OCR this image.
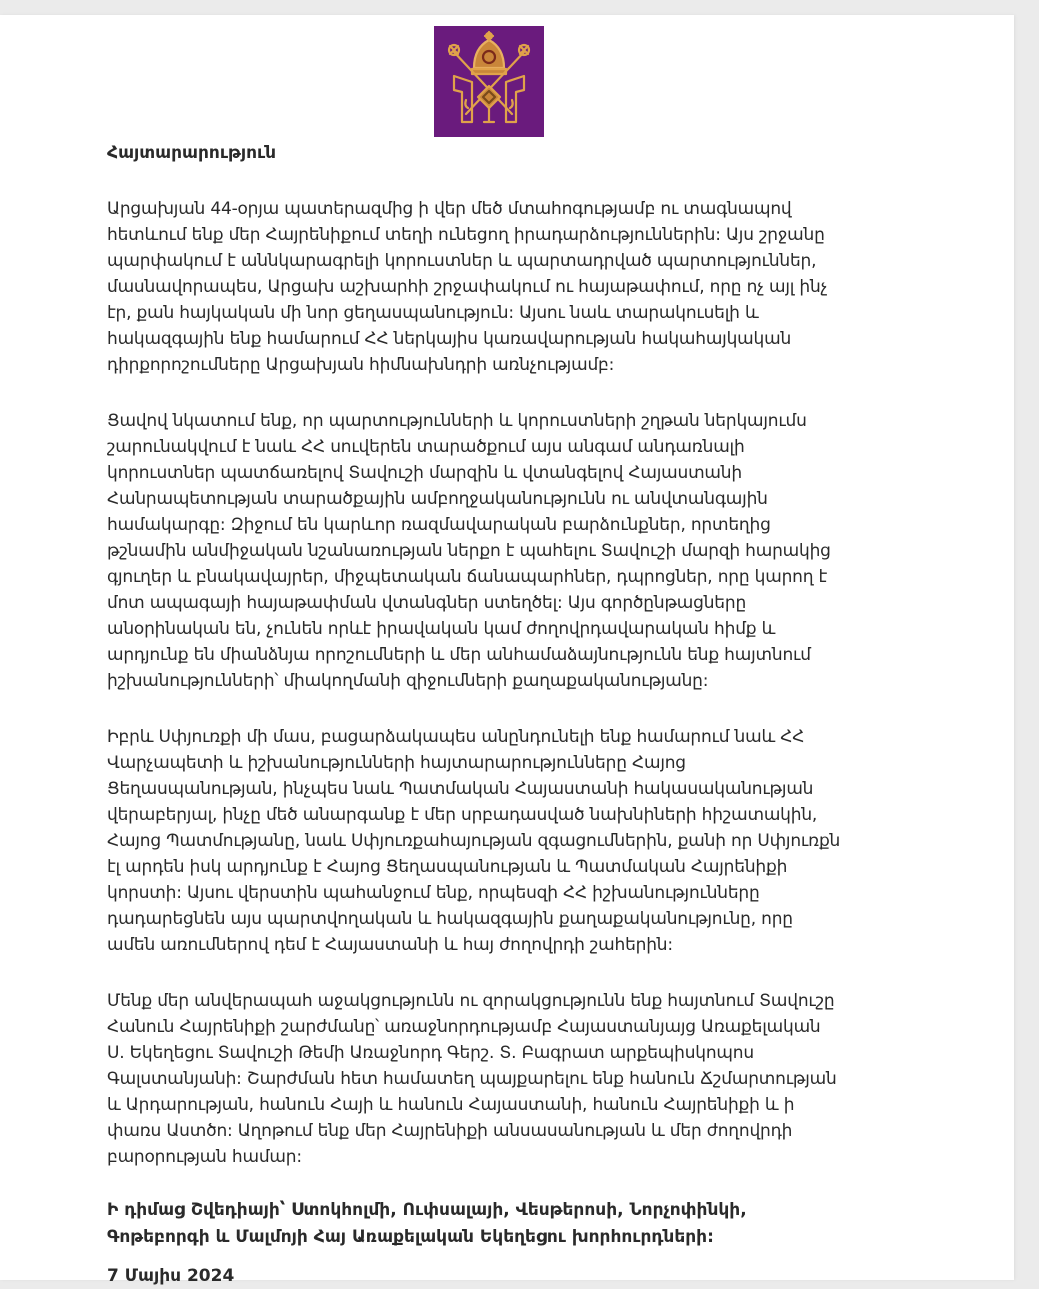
Հայտարարություն

Արցախյան 44-օրյա պատերազմից ի վեր մեծ մտահոգությամբ ու տագնապով
հետևում ենք մեր Հայրենիքում տեղի ունեցող իրադարձություններին: Այս շրջանը
պարփակում է աննկարագրելի կորուստներ և պարտադրված պարտություններ,
մասնավորապես, Արցախ աշխարհի շրջափակում ու հայաթափում, որը ոչ այլ ինչ
էր, քան հայկական մի նոր ցեղասպանություն: Այսու նաև տարակուսելի և
հակազգային ենք համարում ՀՀ ներկայիս կառավարության հակահայկական
դիրքորոշումները Արցախյան հիմնախնդրի առնչությամբ:

Ցավով նկատում ենք, որ պարտությունների և կորուստների շղթան ներկայումս
շարունակվում է նաև ՀՀ սուվերեն տարածքում այս անգամ անդառնալի
կորուստներ պատճառելով Տավուշի մարզին և վտանգելով Հայաստանի
Հանրապետության տարածքային ամբողջականությունն ու անվտանգային
համակարգը: Զիջում են կարևոր ռազմավարական բարձունքներ, որտեղից
թշնամին անմիջական նշանառության ներքո է պահելու Տավուշի մարզի հարակից
գյուղեր և բնակավայրեր, միջպետական ճանապարհներ, դպրոցներ, որը կարող է
մոտ ապագայի հայաթափման վտանգներ ստեղծել: Այս գործընթացները
անօրինական են, չունեն որևէ իրավական կամ ժողովրդավարական հիմք և
արդյունք են միանձնյա որոշումների և մեր անհամաձայնությունն ենք հայտնում
իշխանությունների՝ միակողմանի զիջումների քաղաքականությանը:

Իբրև Սփյուռքի մի մաս, բացարձակապես անընդունելի ենք համարում նաև ՀՀ
Վարչապետի և իշխանությունների հայտարարությունները Հայոց
Ցեղասպանության, ինչպես նաև Պատմական Հայաստանի հակասականության
վերաբերյալ, ինչը մեծ անարգանք է մեր սրբադասված նախնիների հիշատակին,
Հայոց Պատմությանը, նաև Սփյուռքահայության զգացումներին, քանի որ Սփյուռքն
էլ արդեն իսկ արդյունք է Հայոց Ցեղասպանության և Պատմական Հայրենիքի
կորստի: Այսու վերստին պահանջում ենք, որպեսզի ՀՀ իշխանությունները
դադարեցնեն այս պարտվողական և հակազգային քաղաքականությունը, որը
ամեն առումներով դեմ է Հայաստանի և հայ ժողովրդի շահերին:

Մենք մեր անվերապահ աջակցությունն ու զորակցությունն ենք հայտնում Տավուշը
Հանուն Հայրենիքի շարժմանը՝ առաջնորդությամբ Հայաստանյայց Առաքելական
Ս. Եկեղեցու Տավուշի Թեմի Առաջնորդ Գերշ. Տ. Բագրատ արքեպիսկոպոս
Գալստանյանի: Շարժման հետ համատեղ պայքարելու ենք հանուն Ճշմարտության
և Արդարության, հանուն Հայի և հանուն Հայաստանի, հանուն Հայրենիքի և ի
փառս Աստծո: Աղոթում ենք մեր Հայրենիքի անսասանության և մեր ժողովրդի
բարօրության համար:

Ի դիմաց Շվեդիայի՝ Ստոկհոլմի, Ուփսալայի, Վեսթերոսի, Նորչոփինկի,
Գոթեբորգի և Մալմոյի Հայ Առաքելական Եկեղեցու խորհուրդների:
7 Մայիս 2024
